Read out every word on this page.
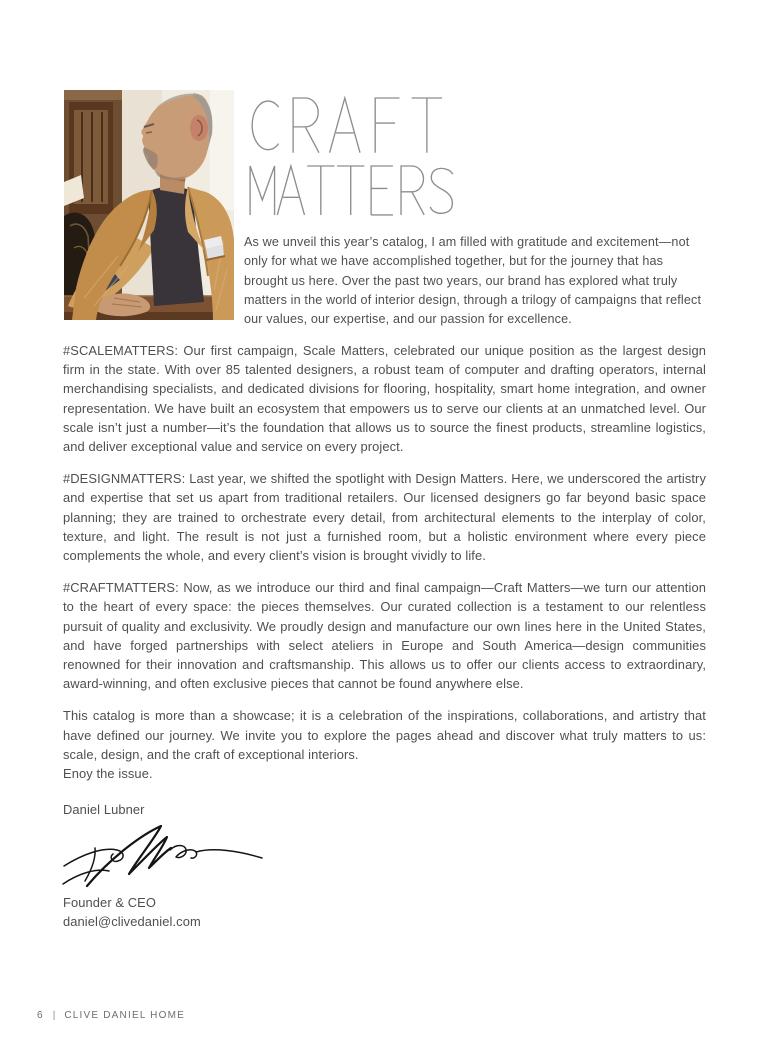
As we unveil this year’s catalog, I am filled with gratitude and excitement—not only for what we have accomplished together, but for the journey that has brought us here. Over the past two years, our brand has explored what truly matters in the world of interior design, through a trilogy of campaigns that reflect our values, our expertise, and our passion for excellence.

#SCALEMATTERS: Our first campaign, Scale Matters, celebrated our unique position as the largest design firm in the state. With over 85 talented designers, a robust team of computer and drafting operators, internal merchandising specialists, and dedicated divisions for flooring, hospitality, smart home integration, and owner representation. We have built an ecosystem that empowers us to serve our clients at an unmatched level. Our scale isn’t just a number—it’s the foundation that allows us to source the finest products, streamline logistics, and deliver exceptional value and service on every project.

#DESIGNMATTERS: Last year, we shifted the spotlight with Design Matters. Here, we underscored the artistry and expertise that set us apart from traditional retailers. Our licensed designers go far beyond basic space planning; they are trained to orchestrate every detail, from architectural elements to the interplay of color, texture, and light. The result is not just a furnished room, but a holistic environment where every piece complements the whole, and every client’s vision is brought vividly to life.

#CRAFTMATTERS: Now, as we introduce our third and final campaign—Craft Matters—we turn our attention to the heart of every space: the pieces themselves. Our curated collection is a testament to our relentless pursuit of quality and exclusivity. We proudly design and manufacture our own lines here in the United States, and have forged partnerships with select ateliers in Europe and South America—design communities renowned for their innovation and craftsmanship. This allows us to offer our clients access to extraordinary, award-winning, and often exclusive pieces that cannot be found anywhere else.

This catalog is more than a showcase; it is a celebration of the inspirations, collaborations, and artistry that have defined our journey. We invite you to explore the pages ahead and discover what truly matters to us: scale, design, and the craft of exceptional interiors.

Enoy the issue.

Daniel Lubner

Founder & CEO

daniel@clivedaniel.com

6 | CLIVE DANIEL HOME
